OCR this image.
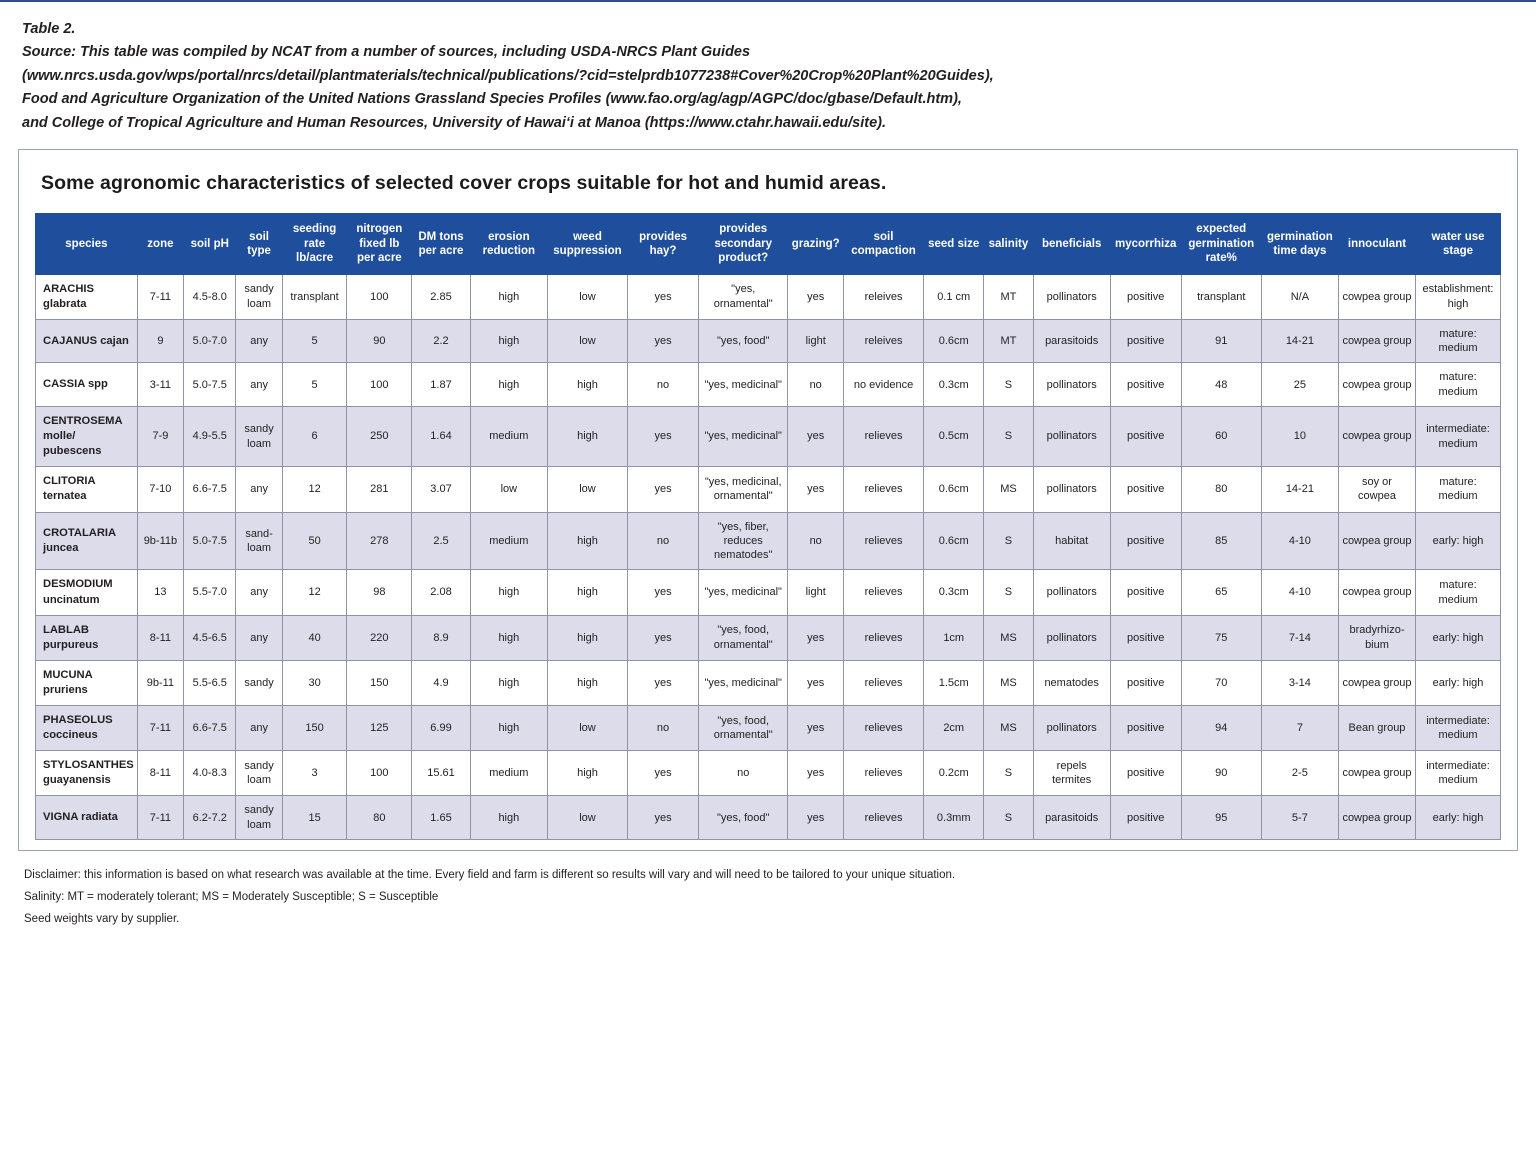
Table 2.
Source: This table was compiled by NCAT from a number of sources, including USDA-NRCS Plant Guides
(www.nrcs.usda.gov/wps/portal/nrcs/detail/plantmaterials/technical/publications/?cid=stelprdb1077238#Cover%20Crop%20Plant%20Guides),
Food and Agriculture Organization of the United Nations Grassland Species Profiles (www.fao.org/ag/agp/AGPC/doc/gbase/Default.htm),
and College of Tropical Agriculture and Human Resources, University of Hawai‘i at Manoa (https://www.ctahr.hawaii.edu/site).
Some agronomic characteristics of selected cover crops suitable for hot and humid areas.
species	zone	soil pH	soil type	seeding rate lb/acre	nitrogen fixed lb per acre	DM tons per acre	erosion reduction	weed suppression	provides hay?	provides secondary product?	grazing?	soil compaction	seed size	salinity	beneficials	mycorrhiza	expected germination rate%	germination time days	innoculant	water use stage
ARACHIS glabrata	7-11	4.5-8.0	sandy loam	transplant	100	2.85	high	low	yes	"yes, ornamental"	yes	releives	0.1 cm	MT	pollinators	positive	transplant	N/A	cowpea group	establishment: high
CAJANUS cajan	9	5.0-7.0	any	5	90	2.2	high	low	yes	"yes, food"	light	releives	0.6cm	MT	parasitoids	positive	91	14-21	cowpea group	mature: medium
CASSIA spp	3-11	5.0-7.5	any	5	100	1.87	high	high	no	"yes, medicinal"	no	no evidence	0.3cm	S	pollinators	positive	48	25	cowpea group	mature: medium
CENTROSEMA molle/ pubescens	7-9	4.9-5.5	sandy loam	6	250	1.64	medium	high	yes	"yes, medicinal"	yes	relieves	0.5cm	S	pollinators	positive	60	10	cowpea group	intermediate: medium
CLITORIA ternatea	7-10	6.6-7.5	any	12	281	3.07	low	low	yes	"yes, medicinal, ornamental"	yes	relieves	0.6cm	MS	pollinators	positive	80	14-21	soy or cowpea	mature: medium
CROTALARIA juncea	9b-11b	5.0-7.5	sand- loam	50	278	2.5	medium	high	no	"yes, fiber, reduces nematodes"	no	relieves	0.6cm	S	habitat	positive	85	4-10	cowpea group	early: high
DESMODIUM uncinatum	13	5.5-7.0	any	12	98	2.08	high	high	yes	"yes, medicinal"	light	relieves	0.3cm	S	pollinators	positive	65	4-10	cowpea group	mature: medium
LABLAB purpureus	8-11	4.5-6.5	any	40	220	8.9	high	high	yes	"yes, food, ornamental"	yes	relieves	1cm	MS	pollinators	positive	75	7-14	bradyrhizo-bium	early: high
MUCUNA pruriens	9b-11	5.5-6.5	sandy	30	150	4.9	high	high	yes	"yes, medicinal"	yes	relieves	1.5cm	MS	nematodes	positive	70	3-14	cowpea group	early: high
PHASEOLUS coccineus	7-11	6.6-7.5	any	150	125	6.99	high	low	no	"yes, food, ornamental"	yes	relieves	2cm	MS	pollinators	positive	94	7	Bean group	intermediate: medium
STYLOSANTHES guayanensis	8-11	4.0-8.3	sandy loam	3	100	15.61	medium	high	yes	no	yes	relieves	0.2cm	S	repels termites	positive	90	2-5	cowpea group	intermediate: medium
VIGNA radiata	7-11	6.2-7.2	sandy loam	15	80	1.65	high	low	yes	"yes, food"	yes	relieves	0.3mm	S	parasitoids	positive	95	5-7	cowpea group	early: high
Disclaimer: this information is based on what research was available at the time. Every field and farm is different so results will vary and will need to be tailored to your unique situation.
Salinity: MT = moderately tolerant; MS = Moderately Susceptible; S = Susceptible
Seed weights vary by supplier.
